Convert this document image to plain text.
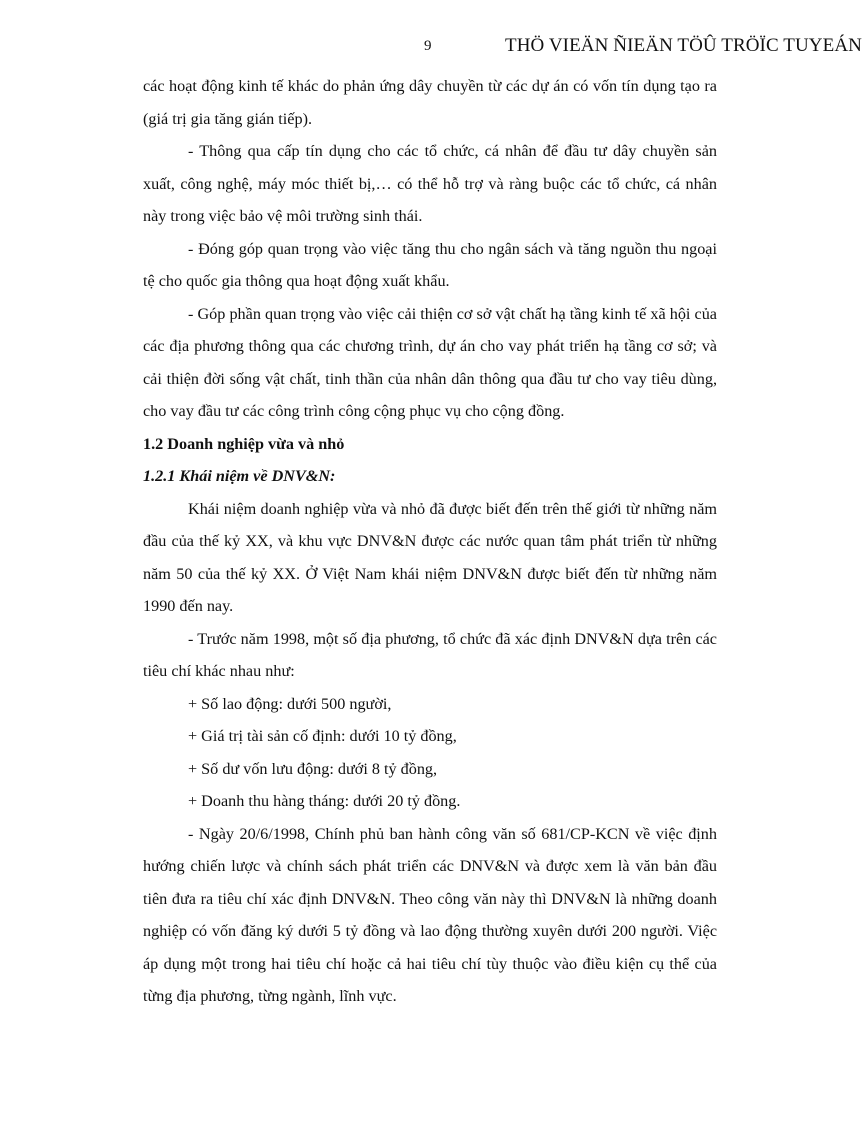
9	THÖ VIEÄN ÑIEÄN TÖÛ TRÖÏC TUYEÁN

các hoạt động kinh tế khác do phản ứng dây chuyền từ các dự án có vốn tín dụng tạo ra (giá trị gia tăng gián tiếp).

- Thông qua cấp tín dụng cho các tổ chức, cá nhân để đầu tư dây chuyền sản xuất, công nghệ, máy móc thiết bị,… có thể hỗ trợ và ràng buộc các tổ chức, cá nhân này trong việc bảo vệ môi trường sinh thái.

- Đóng góp quan trọng vào việc tăng thu cho ngân sách và tăng nguồn thu ngoại tệ cho quốc gia thông qua hoạt động xuất khẩu.

- Góp phần quan trọng vào việc cải thiện cơ sở vật chất hạ tầng kinh tế xã hội của các địa phương thông qua các chương trình, dự án cho vay phát triển hạ tầng cơ sở; và cải thiện đời sống vật chất, tinh thần của nhân dân thông qua đầu tư cho vay tiêu dùng, cho vay đầu tư các công trình công cộng phục vụ cho cộng đồng.

1.2 Doanh nghiệp vừa và nhỏ

1.2.1 Khái niệm về DNV&N:

Khái niệm doanh nghiệp vừa và nhỏ đã được biết đến trên thế giới từ những năm đầu của thế kỷ XX, và khu vực DNV&N được các nước quan tâm phát triển từ những năm 50 của thế kỷ XX. Ở Việt Nam khái niệm DNV&N được biết đến từ những năm 1990 đến nay.

- Trước năm 1998, một số địa phương, tổ chức đã xác định DNV&N dựa trên các tiêu chí khác nhau như:

+ Số lao động: dưới 500 người,

+ Giá trị tài sản cố định: dưới 10 tỷ đồng,

+ Số dư vốn lưu động: dưới 8 tỷ đồng,

+ Doanh thu hàng tháng: dưới 20 tỷ đồng.

- Ngày 20/6/1998, Chính phủ ban hành công văn số 681/CP-KCN về việc định hướng chiến lược và chính sách phát triển các DNV&N và được xem là văn bản đầu tiên đưa ra tiêu chí xác định DNV&N. Theo công văn này thì DNV&N là những doanh nghiệp có vốn đăng ký dưới 5 tỷ đồng và lao động thường xuyên dưới 200 người. Việc áp dụng một trong hai tiêu chí hoặc cả hai tiêu chí tùy thuộc vào điều kiện cụ thể của từng địa phương, từng ngành, lĩnh vực.
